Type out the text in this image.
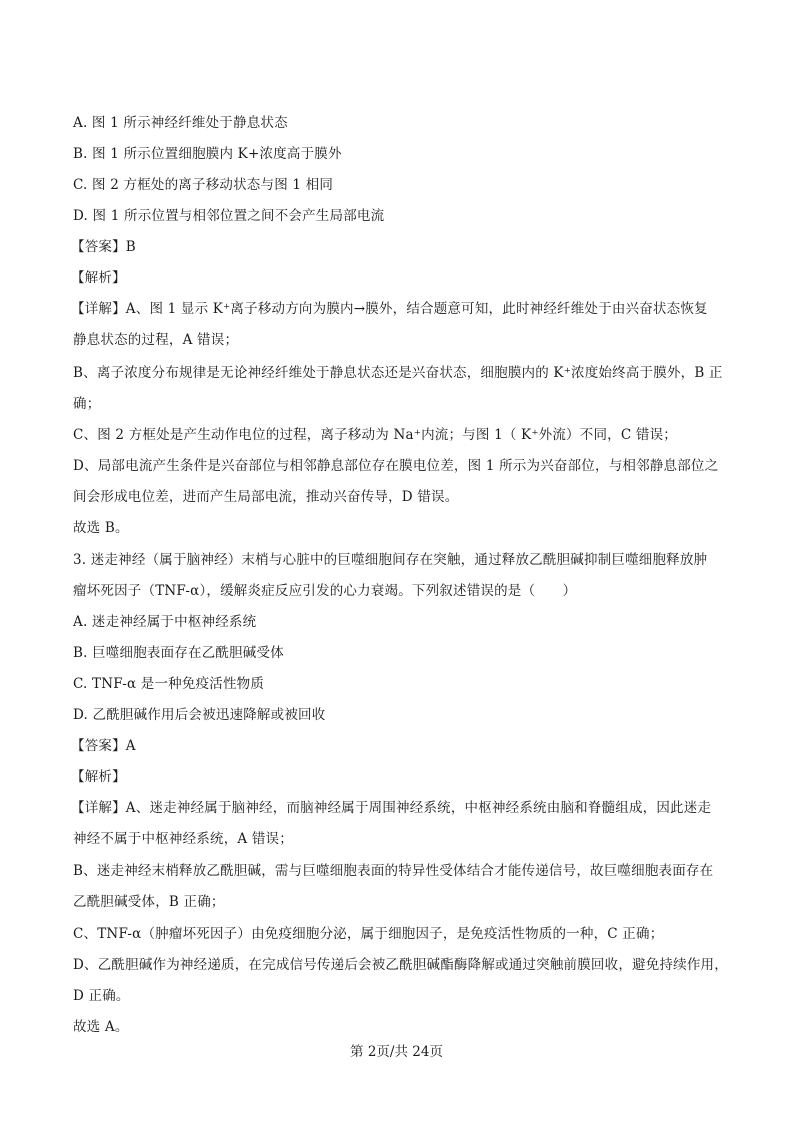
A. 图 1 所示神经纤维处于静息状态
B. 图 1 所示位置细胞膜内 K+浓度高于膜外
C. 图 2 方框处的离子移动状态与图 1 相同
D. 图 1 所示位置与相邻位置之间不会产生局部电流
【答案】B
【解析】
【详解】A、图 1 显示 K⁺离子移动方向为膜内→膜外，结合题意可知，此时神经纤维处于由兴奋状态恢复
静息状态的过程，A 错误；
B、离子浓度分布规律是无论神经纤维处于静息状态还是兴奋状态，细胞膜内的 K⁺浓度始终高于膜外，B 正
确；
C、图 2 方框处是产生动作电位的过程，离子移动为 Na⁺内流；与图 1（ K⁺外流）不同，C 错误；
D、局部电流产生条件是兴奋部位与相邻静息部位存在膜电位差，图 1 所示为兴奋部位，与相邻静息部位之
间会形成电位差，进而产生局部电流，推动兴奋传导，D 错误。
故选 B。
3. 迷走神经（属于脑神经）末梢与心脏中的巨噬细胞间存在突触，通过释放乙酰胆碱抑制巨噬细胞释放肿
瘤坏死因子（TNF-α），缓解炎症反应引发的心力衰竭。下列叙述错误的是（　　）
A. 迷走神经属于中枢神经系统
B. 巨噬细胞表面存在乙酰胆碱受体
C. TNF-α 是一种免疫活性物质
D. 乙酰胆碱作用后会被迅速降解或被回收
【答案】A
【解析】
【详解】A、迷走神经属于脑神经，而脑神经属于周围神经系统，中枢神经系统由脑和脊髓组成，因此迷走
神经不属于中枢神经系统，A 错误；
B、迷走神经末梢释放乙酰胆碱，需与巨噬细胞表面的特异性受体结合才能传递信号，故巨噬细胞表面存在
乙酰胆碱受体，B 正确；
C、TNF-α（肿瘤坏死因子）由免疫细胞分泌，属于细胞因子，是免疫活性物质的一种，C 正确；
D、乙酰胆碱作为神经递质，在完成信号传递后会被乙酰胆碱酯酶降解或通过突触前膜回收，避免持续作用，
D 正确。
故选 A。
第 2页/共 24页
